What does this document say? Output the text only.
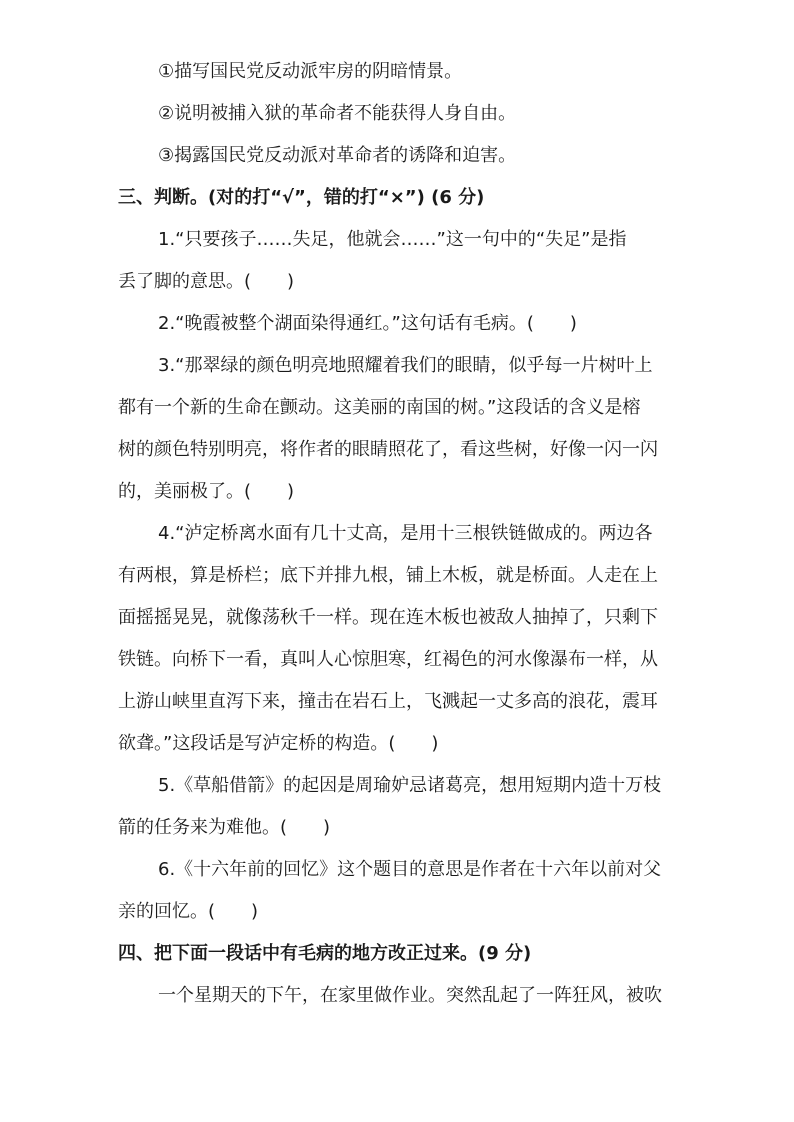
①描写国民党反动派牢房的阴暗情景。
②说明被捕入狱的革命者不能获得人身自由。
③揭露国民党反动派对革命者的诱降和迫害。
三、判断。(对的打“√”，错的打“×”) (6 分)
1.“只要孩子……失足，他就会……”这一句中的“失足”是指
丢了脚的意思。(　　)
2.“晚霞被整个湖面染得通红。”这句话有毛病。(　　)
3.“那翠绿的颜色明亮地照耀着我们的眼睛，似乎每一片树叶上
都有一个新的生命在颤动。这美丽的南国的树。”这段话的含义是榕
树的颜色特别明亮，将作者的眼睛照花了，看这些树，好像一闪一闪
的，美丽极了。(　　)
4.“泸定桥离水面有几十丈高，是用十三根铁链做成的。两边各
有两根，算是桥栏；底下并排九根，铺上木板，就是桥面。人走在上
面摇摇晃晃，就像荡秋千一样。现在连木板也被敌人抽掉了，只剩下
铁链。向桥下一看，真叫人心惊胆寒，红褐色的河水像瀑布一样，从
上游山峡里直泻下来，撞击在岩石上，飞溅起一丈多高的浪花，震耳
欲聋。”这段话是写泸定桥的构造。(　　)
5.《草船借箭》的起因是周瑜妒忌诸葛亮，想用短期内造十万枝
箭的任务来为难他。(　　)
6.《十六年前的回忆》这个题目的意思是作者在十六年以前对父
亲的回忆。(　　)
四、把下面一段话中有毛病的地方改正过来。(9 分)
一个星期天的下午，在家里做作业。突然乱起了一阵狂风，被吹
